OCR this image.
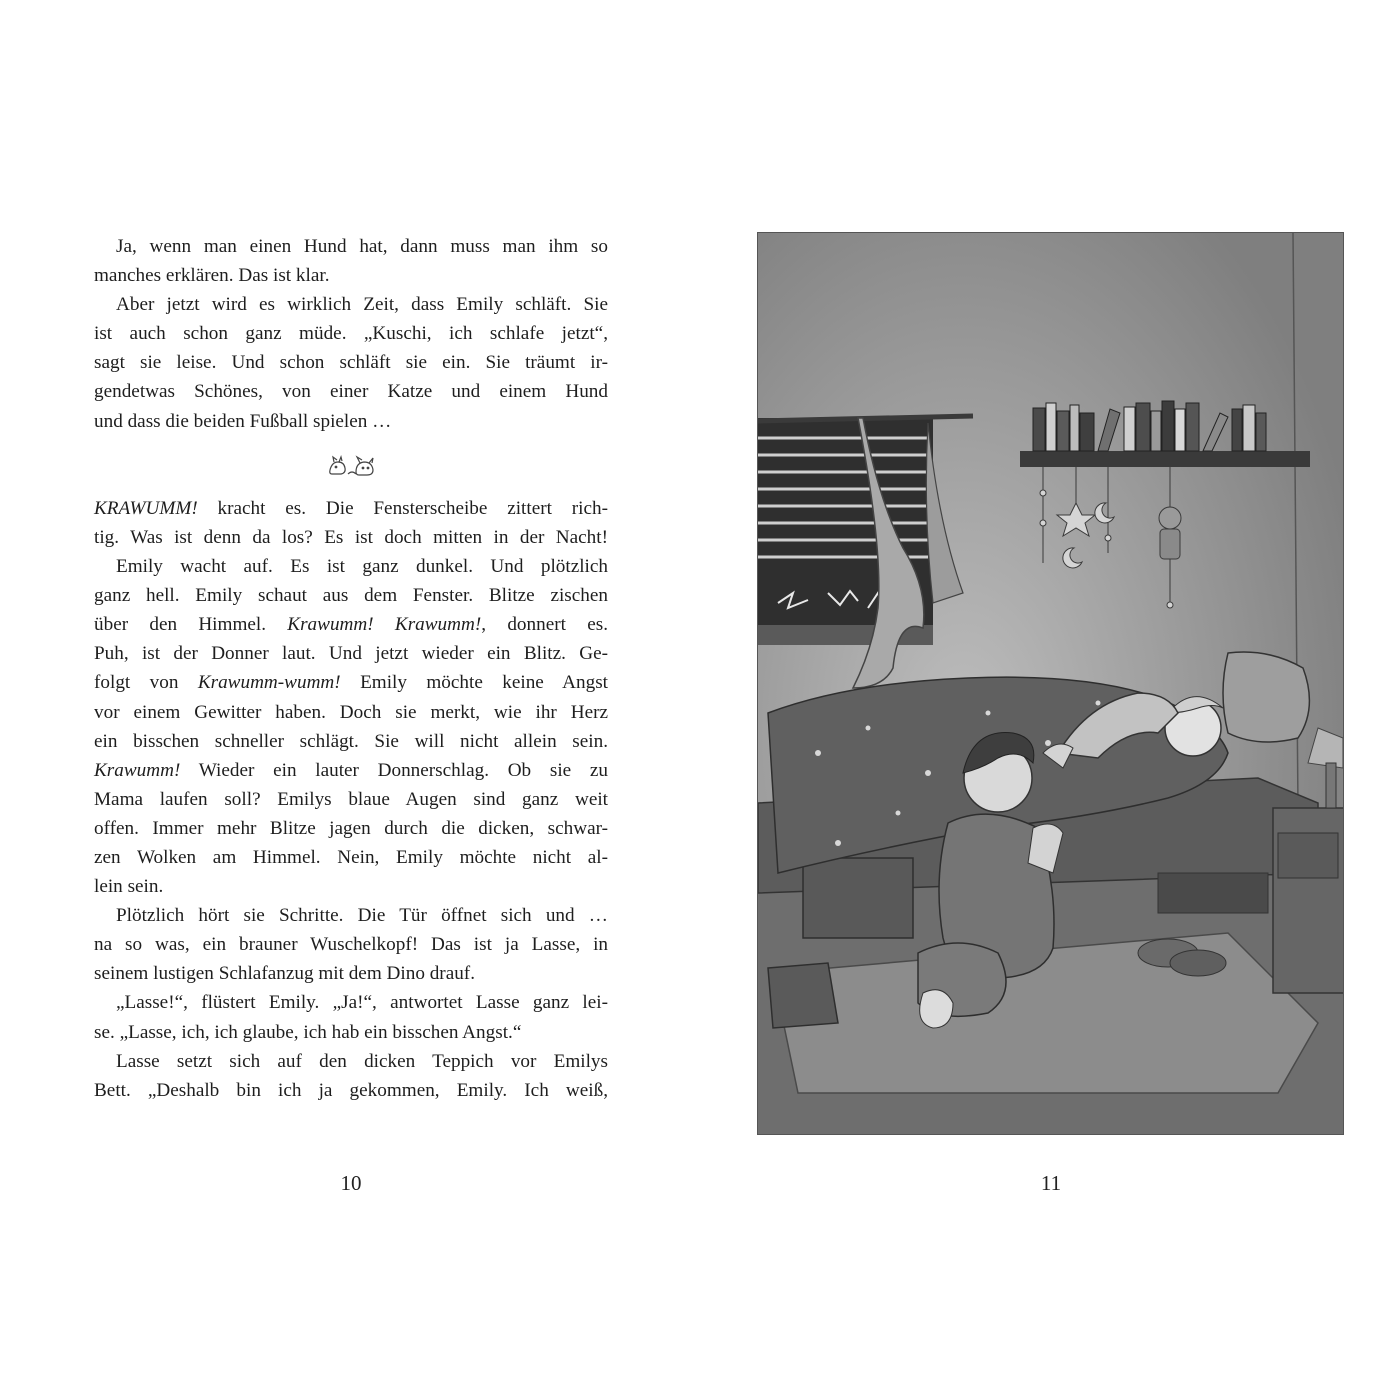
Ja, wenn man einen Hund hat, dann muss man ihm so
manches erklären. Das ist klar.
Aber jetzt wird es wirklich Zeit, dass Emily schläft. Sie
ist auch schon ganz müde. „Kuschi, ich schlafe jetzt“,
sagt sie leise. Und schon schläft sie ein. Sie träumt ir-
gendetwas Schönes, von einer Katze und einem Hund
und dass die beiden Fußball spielen …
KRAWUMM! kracht es. Die Fensterscheibe zittert rich-
tig. Was ist denn da los? Es ist doch mitten in der Nacht!
Emily wacht auf. Es ist ganz dunkel. Und plötzlich
ganz hell. Emily schaut aus dem Fenster. Blitze zischen
über den Himmel. Krawumm! Krawumm!, donnert es.
Puh, ist der Donner laut. Und jetzt wieder ein Blitz. Ge-
folgt von Krawumm-wumm! Emily möchte keine Angst
vor einem Gewitter haben. Doch sie merkt, wie ihr Herz
ein bisschen schneller schlägt. Sie will nicht allein sein.
Krawumm! Wieder ein lauter Donnerschlag. Ob sie zu
Mama laufen soll? Emilys blaue Augen sind ganz weit
offen. Immer mehr Blitze jagen durch die dicken, schwar-
zen Wolken am Himmel. Nein, Emily möchte nicht al-
lein sein.
Plötzlich hört sie Schritte. Die Tür öffnet sich und …
na so was, ein brauner Wuschelkopf! Das ist ja Lasse, in
seinem lustigen Schlafanzug mit dem Dino drauf.
„Lasse!“, flüstert Emily. „Ja!“, antwortet Lasse ganz lei-
se. „Lasse, ich, ich glaube, ich hab ein bisschen Angst.“
Lasse setzt sich auf den dicken Teppich vor Emilys
Bett. „Deshalb bin ich ja gekommen, Emily. Ich weiß,
10	11
